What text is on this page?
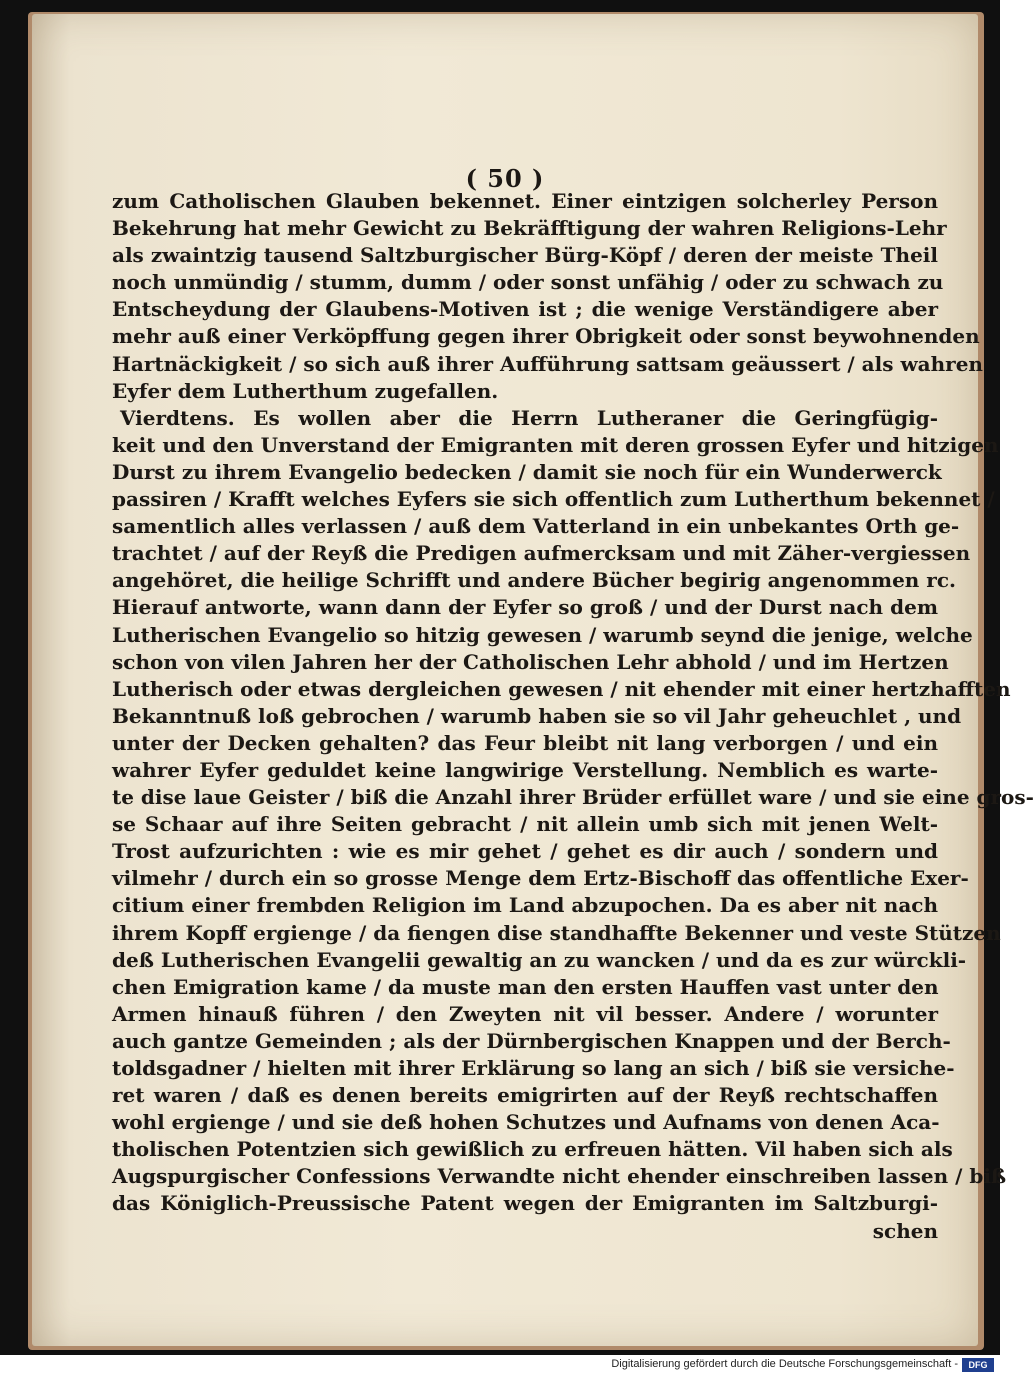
( 50 )
zum Catholischen Glauben bekennet. Einer eintzigen solcherley Person
Bekehrung hat mehr Gewicht zu Bekräfftigung der wahren Religions-Lehr
als zwaintzig tausend Saltzburgischer Bürg-Köpf / deren der meiste Theil
noch unmündig / stumm, dumm / oder sonst unfähig / oder zu schwach zu
Entscheydung der Glaubens-Motiven ist ; die wenige Verständigere aber
mehr auß einer Verköpffung gegen ihrer Obrigkeit oder sonst beywohnenden
Hartnäckigkeit / so sich auß ihrer Aufführung sattsam geäussert / als wahren
Eyfer dem Lutherthum zugefallen.
Vierdtens. Es wollen aber die Herrn Lutheraner die Geringfügig-
keit und den Unverstand der Emigranten mit deren grossen Eyfer und hitzigen
Durst zu ihrem Evangelio bedecken / damit sie noch für ein Wunderwerck
passiren / Krafft welches Eyfers sie sich offentlich zum Lutherthum bekennet /
samentlich alles verlassen / auß dem Vatterland in ein unbekantes Orth ge-
trachtet / auf der Reyß die Predigen aufmercksam und mit Zäher-vergiessen
angehöret, die heilige Schrifft und andere Bücher begirig angenommen rc.
Hierauf antworte, wann dann der Eyfer so groß / und der Durst nach dem
Lutherischen Evangelio so hitzig gewesen / warumb seynd die jenige, welche
schon von vilen Jahren her der Catholischen Lehr abhold / und im Hertzen
Lutherisch oder etwas dergleichen gewesen / nit ehender mit einer hertzhafften
Bekanntnuß loß gebrochen / warumb haben sie so vil Jahr geheuchlet , und
unter der Decken gehalten? das Feur bleibt nit lang verborgen / und ein
wahrer Eyfer geduldet keine langwirige Verstellung. Nemblich es warte-
te dise laue Geister / biß die Anzahl ihrer Brüder erfüllet ware / und sie eine gros-
se Schaar auf ihre Seiten gebracht / nit allein umb sich mit jenen Welt-
Trost aufzurichten : wie es mir gehet / gehet es dir auch / sondern und
vilmehr / durch ein so grosse Menge dem Ertz-Bischoff das offentliche Exer-
citium einer frembden Religion im Land abzupochen. Da es aber nit nach
ihrem Kopff ergienge / da fiengen dise standhaffte Bekenner und veste Stützen
deß Lutherischen Evangelii gewaltig an zu wancken / und da es zur würckli-
chen Emigration kame / da muste man den ersten Hauffen vast unter den
Armen hinauß führen / den Zweyten nit vil besser. Andere / worunter
auch gantze Gemeinden ; als der Dürnbergischen Knappen und der Berch-
toldsgadner / hielten mit ihrer Erklärung so lang an sich / biß sie versiche-
ret waren / daß es denen bereits emigrirten auf der Reyß rechtschaffen
wohl ergienge / und sie deß hohen Schutzes und Aufnams von denen Aca-
tholischen Potentzien sich gewißlich zu erfreuen hätten. Vil haben sich als
Augspurgischer Confessions Verwandte nicht ehender einschreiben lassen / biß
das Königlich-Preussische Patent wegen der Emigranten im Saltzburgi-
schen
Digitalisierung gefördert durch die Deutsche Forschungsgemeinschaft -	DFG
